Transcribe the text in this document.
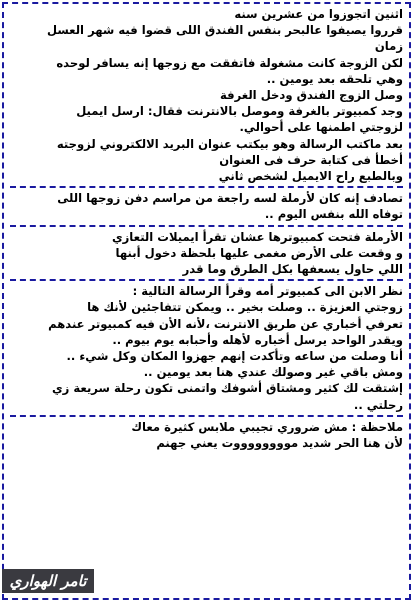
اثنين اتجوزوا من عشرين سنه
قرروا يصيفوا عالبحر بنفس الفندق اللى قضوا فيه شهر العسل
زمان
لكن الزوجة كانت مشغولة فاتفقت مع زوجها إنه يسافر لوحده
وهي تلحقه بعد يومين ..
وصل الزوج الفندق ودخل الغرفة
وجد كمبيوتر بالغرفة وموصل بالانترنت فقال: ارسل ايميل
لزوجتي اطمنها على أحوالي.
بعد ماكتب الرسالة وهو بيكتب عنوان البريد الالكتروني لزوجته
أخطأ فى كتابة حرف فى العنوان
وبالطبع راح الايميل لشخص ثاني
تصادف إنه كان لأرملة لسه راجعة من مراسم دفن زوجها اللى
توفاه الله بنفس اليوم ..
الأرملة فتحت كمبيوترها عشان تقرأ ايميلات التعازي
و وقعت على الأرض مغمى عليها بلحظة دخول أبنها
اللي حاول يسعفها بكل الطرق وما قدر
نظر الابن الى كمبيوتر أمه وقرأ الرسالة التالية :
زوجتي العزيزة .. وصلت بخير .. ويمكن تتفاجئين لأنك ها
تعرفي أخباري عن طريق الانترنت ،لأنه الأن فيه كمبيوتر عندهم
ويقدر الواحد يرسل أخباره لأهله وأحبابه يوم بيوم ..
أنا وصلت من ساعه وتأكدت إنهم جهزوا المكان وكل شيء ..
ومش باقي غير وصولك عندي هنا بعد يومين ..
إشتقت لك كثير ومشتاق أشوفك واتمنى تكون رحلة سريعة زي
رحلتي ..
ملاحظة : مش ضروري تجيبي ملابس كثيرة معاك
لأن هنا الحر شديد مووووووووت يعني جهنم
تامر الهواري
